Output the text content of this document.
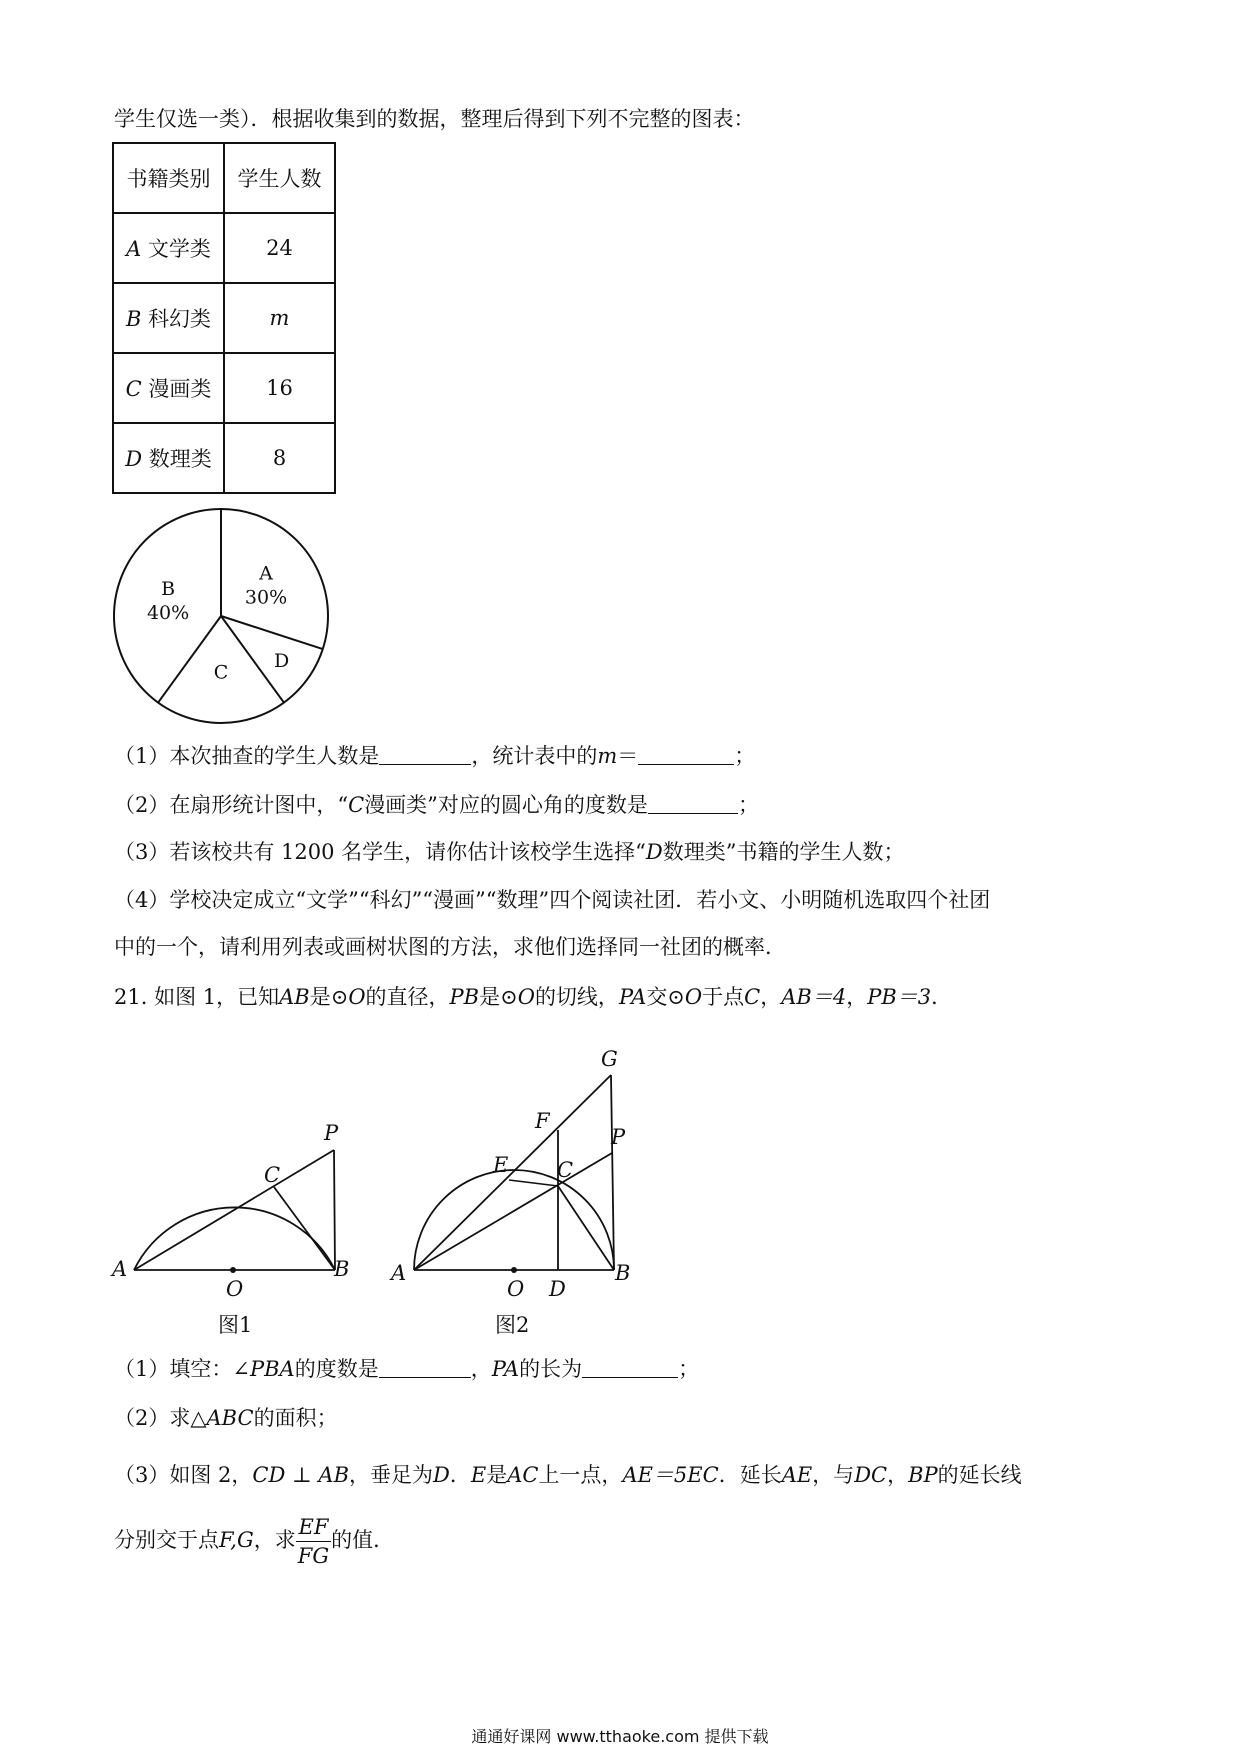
学生仅选一类）．根据收集到的数据，整理后得到下列不完整的图表：
书籍类别	学生人数
A 文学类	24
B 科幻类	m
C 漫画类	16
D 数理类	8
A
30%
D
C
B
40%
（1）本次抽查的学生人数是	，统计表中的m＝	；
（2）在扇形统计图中，“C漫画类”对应的圆心角的度数是	；
（3）若该校共有 1200 名学生，请你估计该校学生选择“D数理类”书籍的学生人数；
（4）学校决定成立“文学”“科幻”“漫画”“数理”四个阅读社团．若小文、小明随机选取四个社团
中的一个，请利用列表或画树状图的方法，求他们选择同一社团的概率．
21. 如图 1，已知AB是⊙O的直径，PB是⊙O的切线，PA交⊙O于点C，AB＝4，PB＝3．
A
O
B
C
P
图1
A
O D
B
E C
F
G
P
图2
（1）填空：∠PBA的度数是	，PA的长为	；
（2）求△ABC的面积；
（3）如图 2，CD ⊥ AB，垂足为D．E是AC上一点，AE＝5EC．延长AE，与DC，BP的延长线
分别交于点F,G，求 $\frac{EF}{FG}$ 的值．
通通好课网 www.tthaoke.com 提供下载
